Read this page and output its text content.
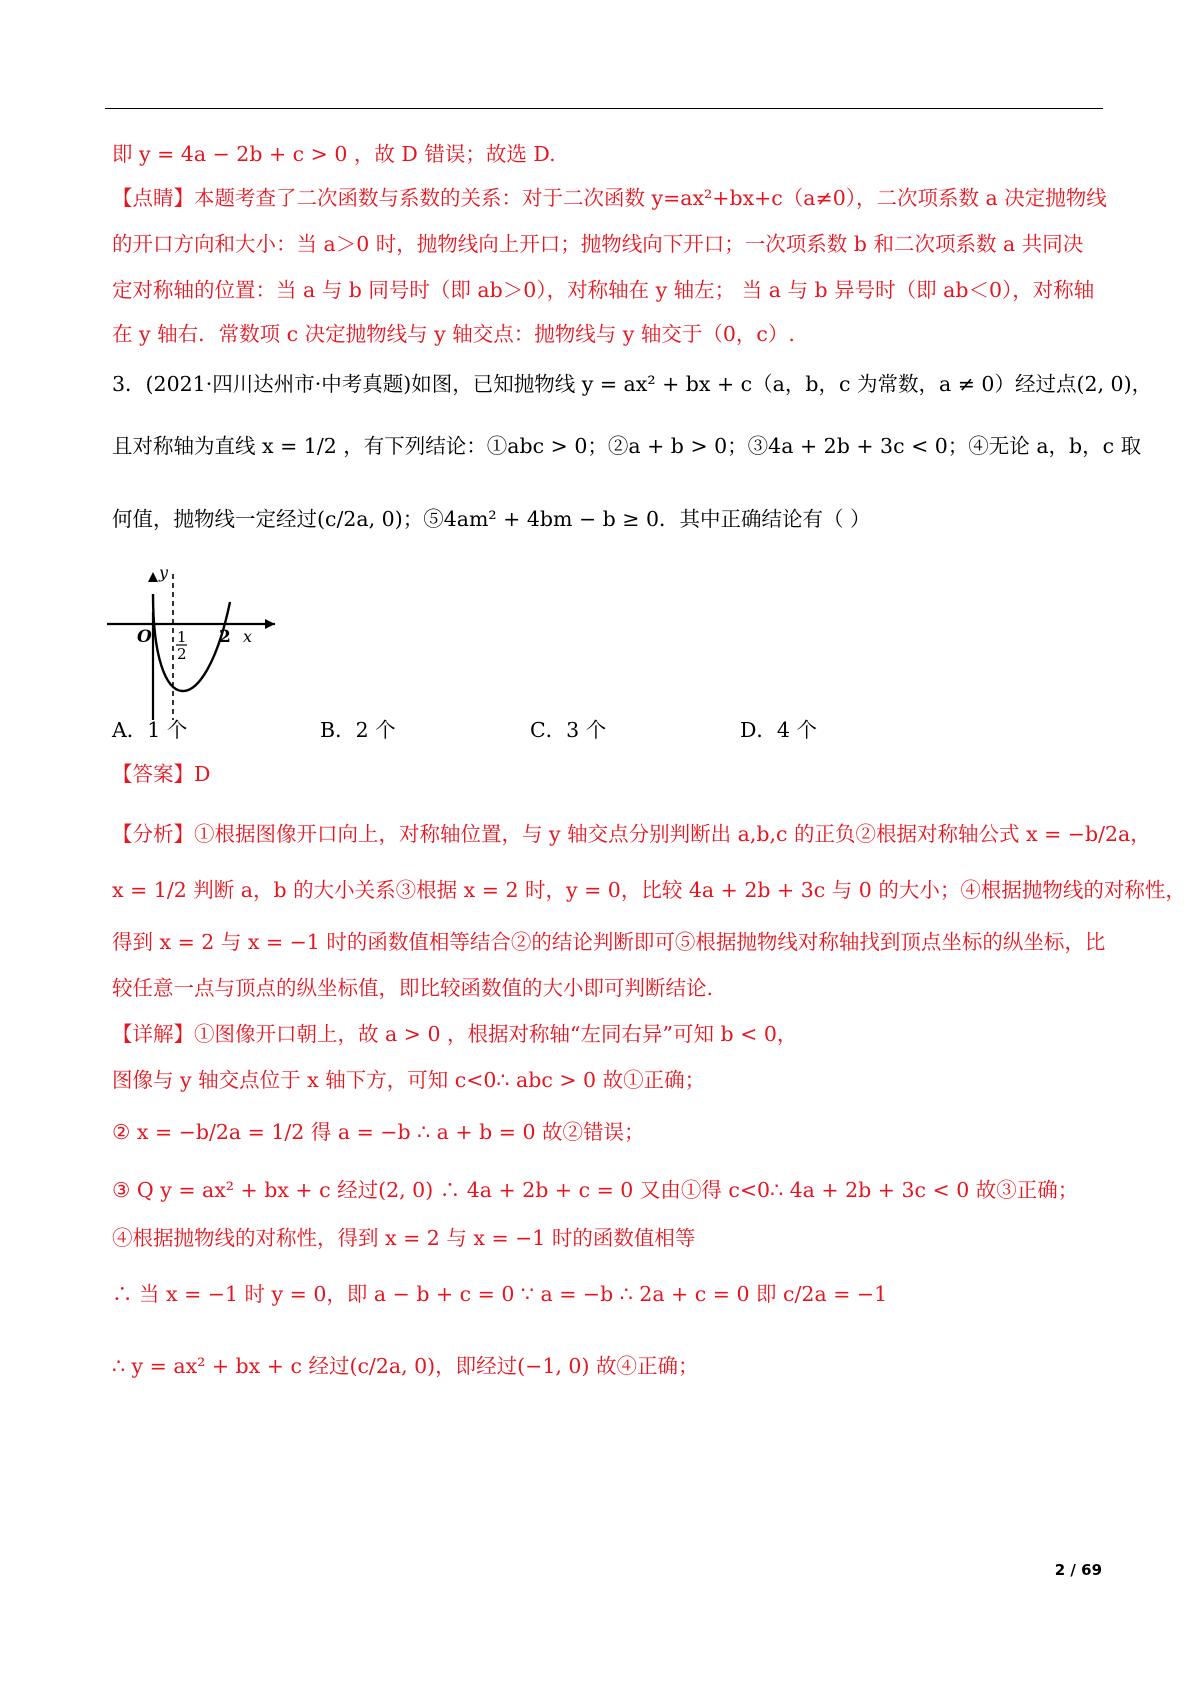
即 y = 4a − 2b + c > 0 ，故 D 错误；故选 D.
【点睛】本题考查了二次函数与系数的关系：对于二次函数 y=ax²+bx+c（a≠0），二次项系数 a 决定抛物线
的开口方向和大小：当 a＞0 时，抛物线向上开口；抛物线向下开口；一次项系数 b 和二次项系数 a 共同决
定对称轴的位置：当 a 与 b 同号时（即 ab＞0），对称轴在 y 轴左； 当 a 与 b 异号时（即 ab＜0），对称轴
在 y 轴右．常数项 c 决定抛物线与 y 轴交点：抛物线与 y 轴交于（0，c）.
3．(2021·四川达州市·中考真题)如图，已知抛物线 y = ax² + bx + c（a，b，c 为常数，a ≠ 0）经过点(2, 0)，
且对称轴为直线 x = 1/2 ，有下列结论：①abc > 0；②a + b > 0；③4a + 2b + 3c < 0；④无论 a，b，c 取
何值，抛物线一定经过(c/2a, 0)；⑤4am² + 4bm − b ≥ 0．其中正确结论有（ ）
y
O 1
2
2 x
A．1 个	B．2 个	C．3 个	D．4 个
【答案】D
【分析】①根据图像开口向上，对称轴位置，与 y 轴交点分别判断出 a,b,c 的正负②根据对称轴公式 x = −b/2a，
x = 1/2 判断 a，b 的大小关系③根据 x = 2 时，y = 0，比较 4a + 2b + 3c 与 0 的大小；④根据抛物线的对称性，
得到 x = 2 与 x = −1 时的函数值相等结合②的结论判断即可⑤根据抛物线对称轴找到顶点坐标的纵坐标，比
较任意一点与顶点的纵坐标值，即比较函数值的大小即可判断结论.
【详解】①图像开口朝上，故 a > 0 ，根据对称轴“左同右异”可知 b < 0，
图像与 y 轴交点位于 x 轴下方，可知 c<0∴ abc > 0 故①正确；
② x = −b/2a = 1/2 得 a = −b ∴ a + b = 0 故②错误；
③ Q y = ax² + bx + c 经过(2, 0) ∴ 4a + 2b + c = 0 又由①得 c<0∴ 4a + 2b + 3c < 0 故③正确；
④根据抛物线的对称性，得到 x = 2 与 x = −1 时的函数值相等
∴ 当 x = −1 时 y = 0，即 a − b + c = 0 ∵ a = −b ∴ 2a + c = 0 即 c/2a = −1
∴ y = ax² + bx + c 经过(c/2a, 0)，即经过(−1, 0) 故④正确；
2 / 69
